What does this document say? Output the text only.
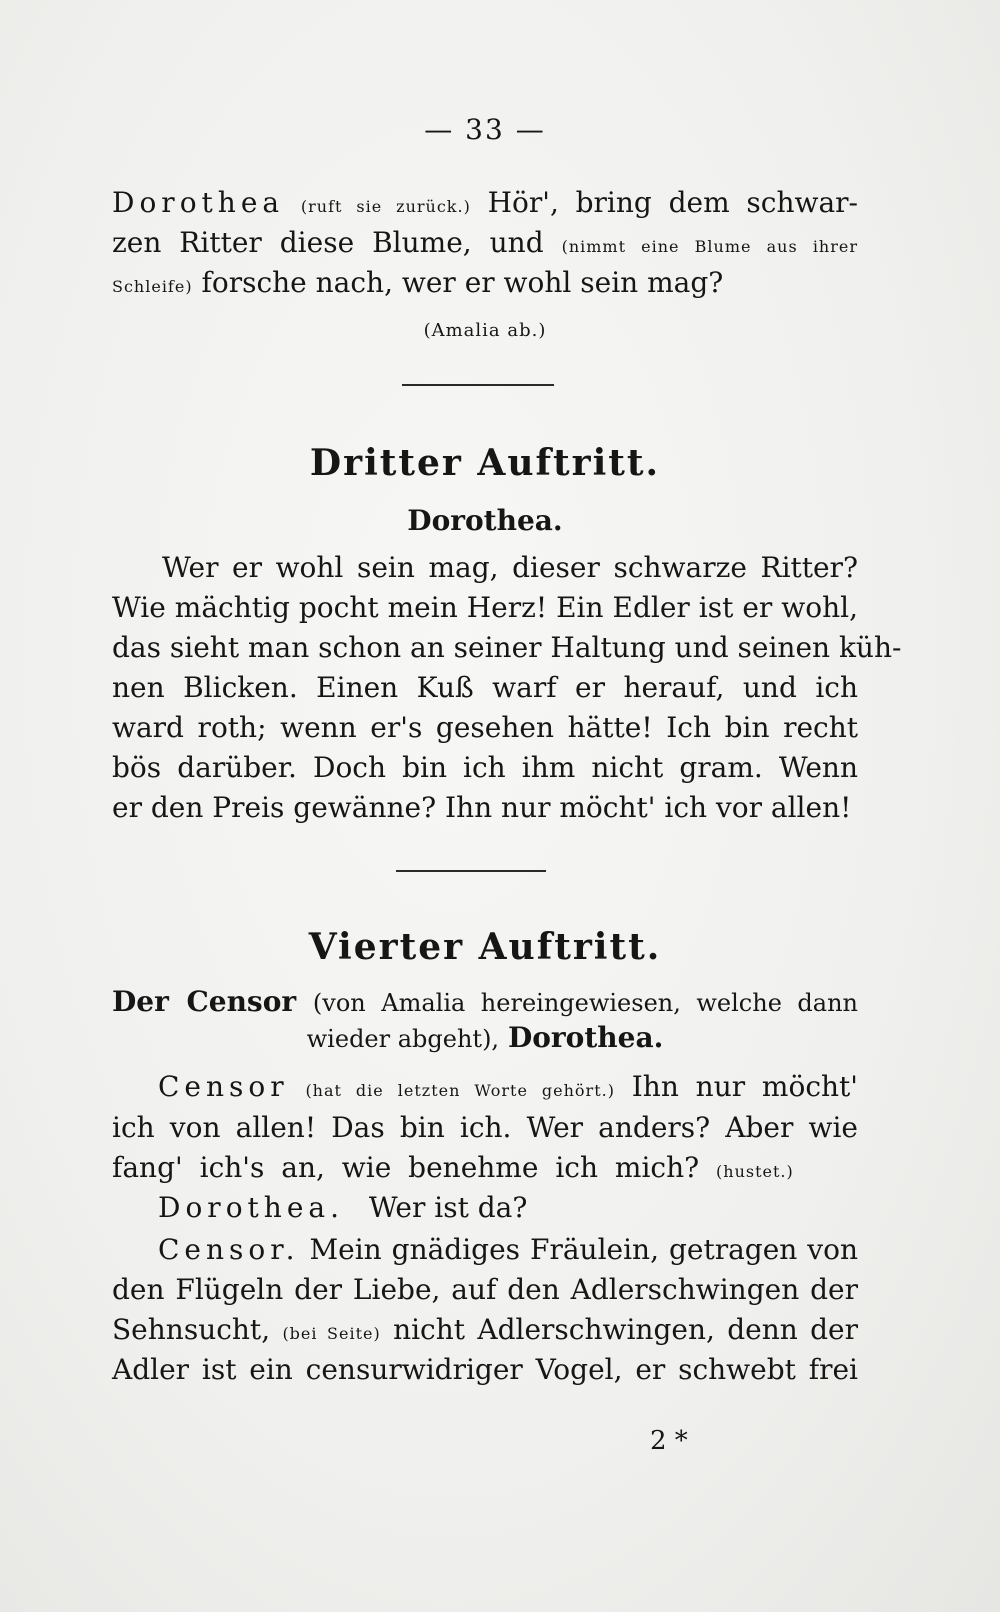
— 33 —

Dorothea (ruft sie zurück.) Hör', bring dem schwar-

zen Ritter diese Blume, und (nimmt eine Blume aus ihrer

Schleife) forsche nach, wer er wohl sein mag?

(Amalia ab.)

Dritter Auftritt.

Dorothea.

Wer er wohl sein mag, dieser schwarze Ritter?

Wie mächtig pocht mein Herz! Ein Edler ist er wohl,

das sieht man schon an seiner Haltung und seinen küh-

nen Blicken. Einen Kuß warf er herauf, und ich

ward roth; wenn er's gesehen hätte! Ich bin recht

bös darüber. Doch bin ich ihm nicht gram. Wenn

er den Preis gewänne? Ihn nur möcht' ich vor allen!

Vierter Auftritt.

Der Censor (von Amalia hereingewiesen, welche dann

wieder abgeht), Dorothea.

Censor (hat die letzten Worte gehört.) Ihn nur möcht'

ich von allen! Das bin ich. Wer anders? Aber wie

fang' ich's an, wie benehme ich mich? (hustet.)

Dorothea. Wer ist da?

Censor. Mein gnädiges Fräulein, getragen von

den Flügeln der Liebe, auf den Adlerschwingen der

Sehnsucht, (bei Seite) nicht Adlerschwingen, denn der

Adler ist ein censurwidriger Vogel, er schwebt frei

2 *
